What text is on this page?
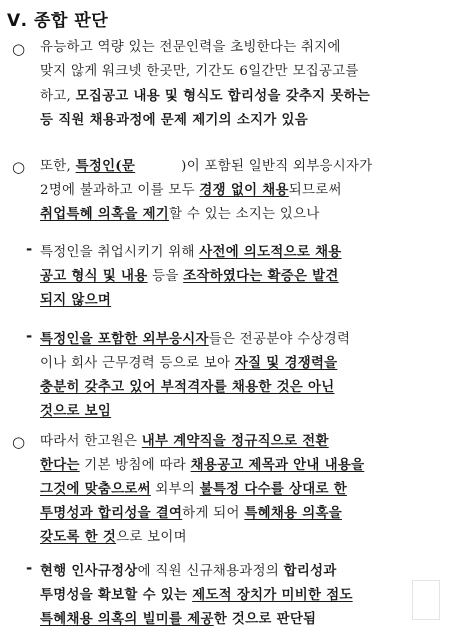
Ⅴ. 종합 판단
○ 유능하고 역량 있는 전문인력을 초빙한다는 취지에
맞지 않게 워크넷 한곳만, 기간도 6일간만 모집공고를
하고, 모집공고 내용 및 형식도 합리성을 갖추지 못하는
등 직원 채용과정에 문제 제기의 소지가 있음
○ 또한, 특정인(문	)이 포함된 일반직 외부응시자가
2명에 불과하고 이를 모두 경쟁 없이 채용되므로써
취업특혜 의혹을 제기할 수 있는 소지는 있으나
- 특정인을 취업시키기 위해 사전에 의도적으로 채용
공고 형식 및 내용 등을 조작하였다는 확증은 발견
되지 않으며
- 특정인을 포함한 외부응시자들은 전공분야 수상경력
이나 회사 근무경력 등으로 보아 자질 및 경쟁력을
충분히 갖추고 있어 부적격자를 채용한 것은 아닌
것으로 보임
○ 따라서 한고원은 내부 계약직을 정규직으로 전환
한다는 기본 방침에 따라 채용공고 제목과 안내 내용을
그것에 맞춤으로써 외부의 불특정 다수를 상대로 한
투명성과 합리성을 결여하게 되어 특혜채용 의혹을
갖도록 한 것으로 보이며
- 현행 인사규정상에 직원 신규채용과정의 합리성과
투명성을 확보할 수 있는 제도적 장치가 미비한 점도
특혜채용 의혹의 빌미를 제공한 것으로 판단됨
